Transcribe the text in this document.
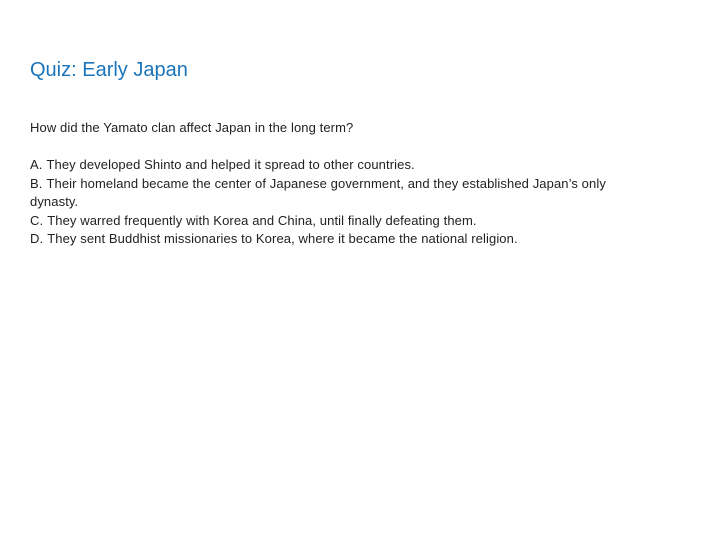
Quiz: Early Japan

How did the Yamato clan affect Japan in the long term?

A. They developed Shinto and helped it spread to other countries.
B. Their homeland became the center of Japanese government, and they established Japan’s only dynasty.
C. They warred frequently with Korea and China, until finally defeating them.
D. They sent Buddhist missionaries to Korea, where it became the national religion.
